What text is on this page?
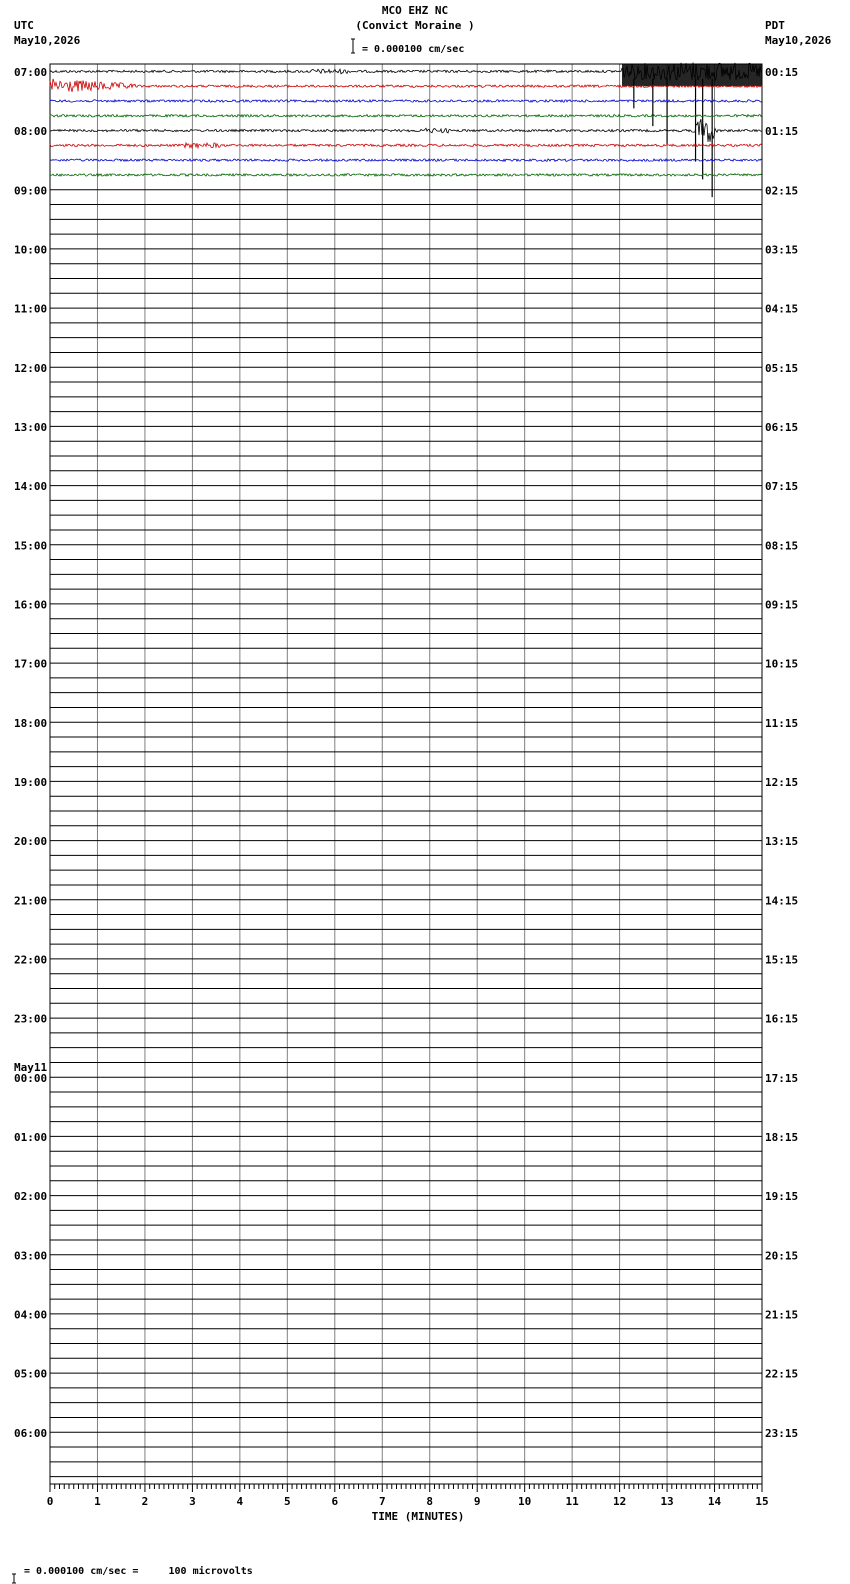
MCO EHZ NC
(Convict Moraine )
= 0.000100 cm/sec
UTC
May10,2026
PDT
May10,2026
May11
TIME (MINUTES)
= 0.000100 cm/sec =     100 microvolts
0	1	2	3	4	5	6	7	8	9	10	11	12	13	14	15
07:00
08:00
09:00
10:00
11:00
12:00
13:00
14:00
15:00
16:00
17:00
18:00
19:00
20:00
21:00
22:00
23:00
00:00
01:00
02:00
03:00
04:00
05:00
06:00
00:15
01:15
02:15
03:15
04:15
05:15
06:15
07:15
08:15
09:15
10:15
11:15
12:15
13:15
14:15
15:15
16:15
17:15
18:15
19:15
20:15
21:15
22:15
23:15
